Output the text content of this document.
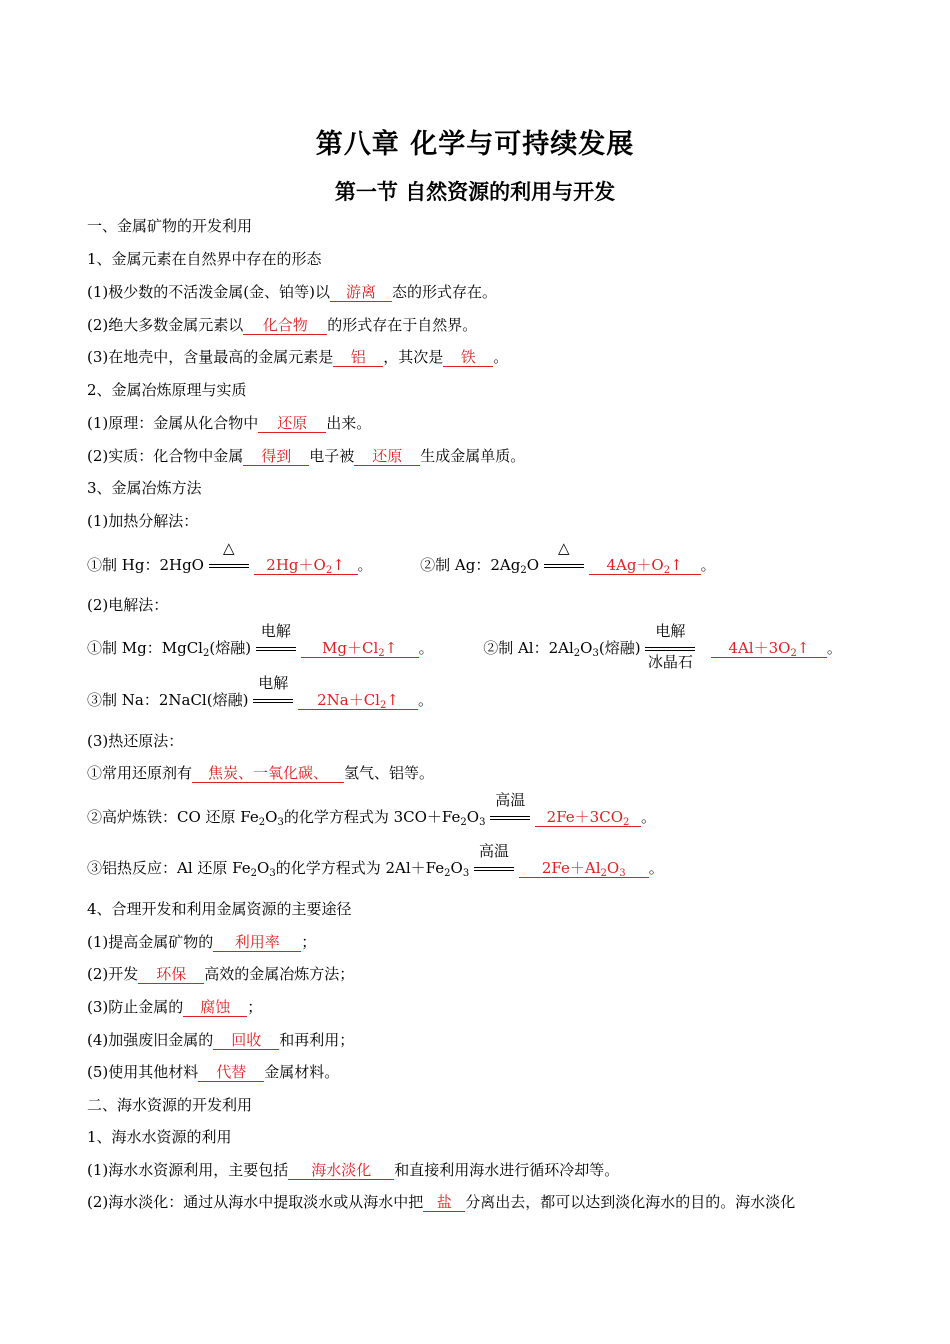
第八章 化学与可持续发展
第一节 自然资源的利用与开发
一、金属矿物的开发利用
1、金属元素在自然界中存在的形态
(1)极少数的不活泼金属(金、铂等)以 游离 态的形式存在。
(2)绝大多数金属元素以 化合物 的形式存在于自然界。
(3)在地壳中，含量最高的金属元素是 铝 ，其次是 铁 。
2、金属冶炼原理与实质
(1)原理：金属从化合物中 还原 出来。
(2)实质：化合物中金属 得到 电子被 还原 生成金属单质。
3、金属冶炼方法
(1)加热分解法：
①制 Hg：2HgO
△
$2Hg+O_2↑$ 。	②制 Ag：$2Ag_2O$
△
$4Ag+O_2↑$ 。
(2)电解法：
①制 Mg：MgCl$_2$(熔融)
电解
$Mg+Cl_2↑$ 。	②制 Al：$2Al_2O_3$(熔融)
电解
冰晶石
$4Al+3O_2↑$ 。
③制 Na：2NaCl(熔融)
电解
$2Na+Cl_2↑$ 。
(3)热还原法：
①常用还原剂有 焦炭、一氧化碳、 氢气、铝等。
②高炉炼铁：CO 还原 $Fe_2O_3$的化学方程式为 $3CO+Fe_2O_3$
高温
$2Fe+3CO_2$ 。
③铝热反应：Al 还原 $Fe_2O_3$的化学方程式为 $2Al+Fe_2O_3$
高温
$2Fe+Al_2O_3$ 。
4、合理开发和利用金属资源的主要途径
(1)提高金属矿物的 利用率 ；
(2)开发 环保 高效的金属冶炼方法；
(3)防止金属的 腐蚀 ；
(4)加强废旧金属的 回收 和再利用；
(5)使用其他材料 代替 金属材料。
二、海水资源的开发利用
1、海水水资源的利用
(1)海水水资源利用，主要包括 海水淡化 和直接利用海水进行循环冷却等。
(2)海水淡化：通过从海水中提取淡水或从海水中把 盐 分离出去，都可以达到淡化海水的目的。海水淡化
